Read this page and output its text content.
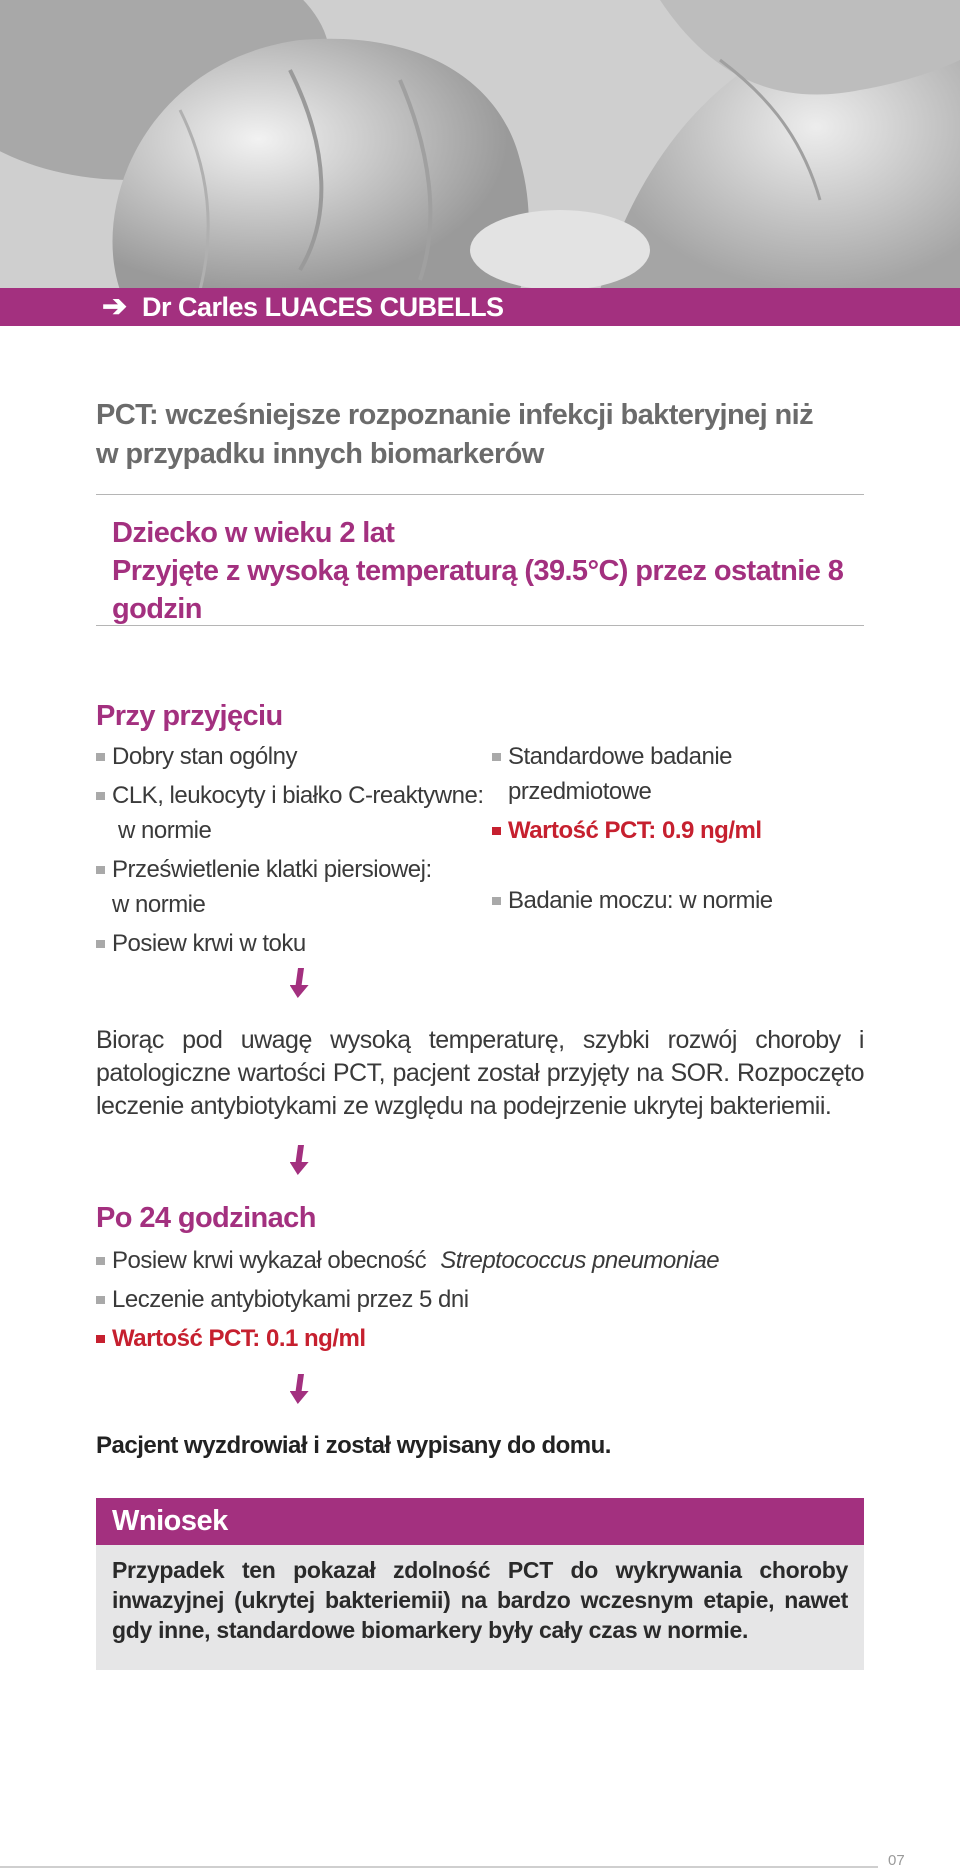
➔ Dr Carles LUACES CUBELLS
PCT: wcześniejsze rozpoznanie infekcji bakteryjnej niż
w przypadku innych biomarkerów
Dziecko w wieku 2 lat
Przyjęte z wysoką temperaturą (39.5°C) przez ostatnie 8 godzin
Przy przyjęciu
Dobry stan ogólny
CLK, leukocyty i białko C-reaktywne:
w normie
Prześwietlenie klatki piersiowej:
w normie
Posiew krwi w toku
Standardowe badanie przedmiotowe
Wartość PCT: 0.9 ng/ml
Badanie moczu: w normie
Biorąc pod uwagę wysoką temperaturę, szybki rozwój choroby i patologiczne wartości PCT, pacjent został przyjęty na SOR. Rozpoczęto leczenie antybiotykami ze względu na podejrzenie ukrytej bakteriemii.
Po 24 godzinach
Posiew krwi wykazał obecność Streptococcus pneumoniae
Leczenie antybiotykami przez 5 dni
Wartość PCT: 0.1 ng/ml
Pacjent wyzdrowiał i został wypisany do domu.
Wniosek
Przypadek ten pokazał zdolność PCT do wykrywania choroby inwazyjnej (ukrytej bakteriemii) na bardzo wczesnym etapie, nawet gdy inne, standardowe biomarkery były cały czas w normie.
07
